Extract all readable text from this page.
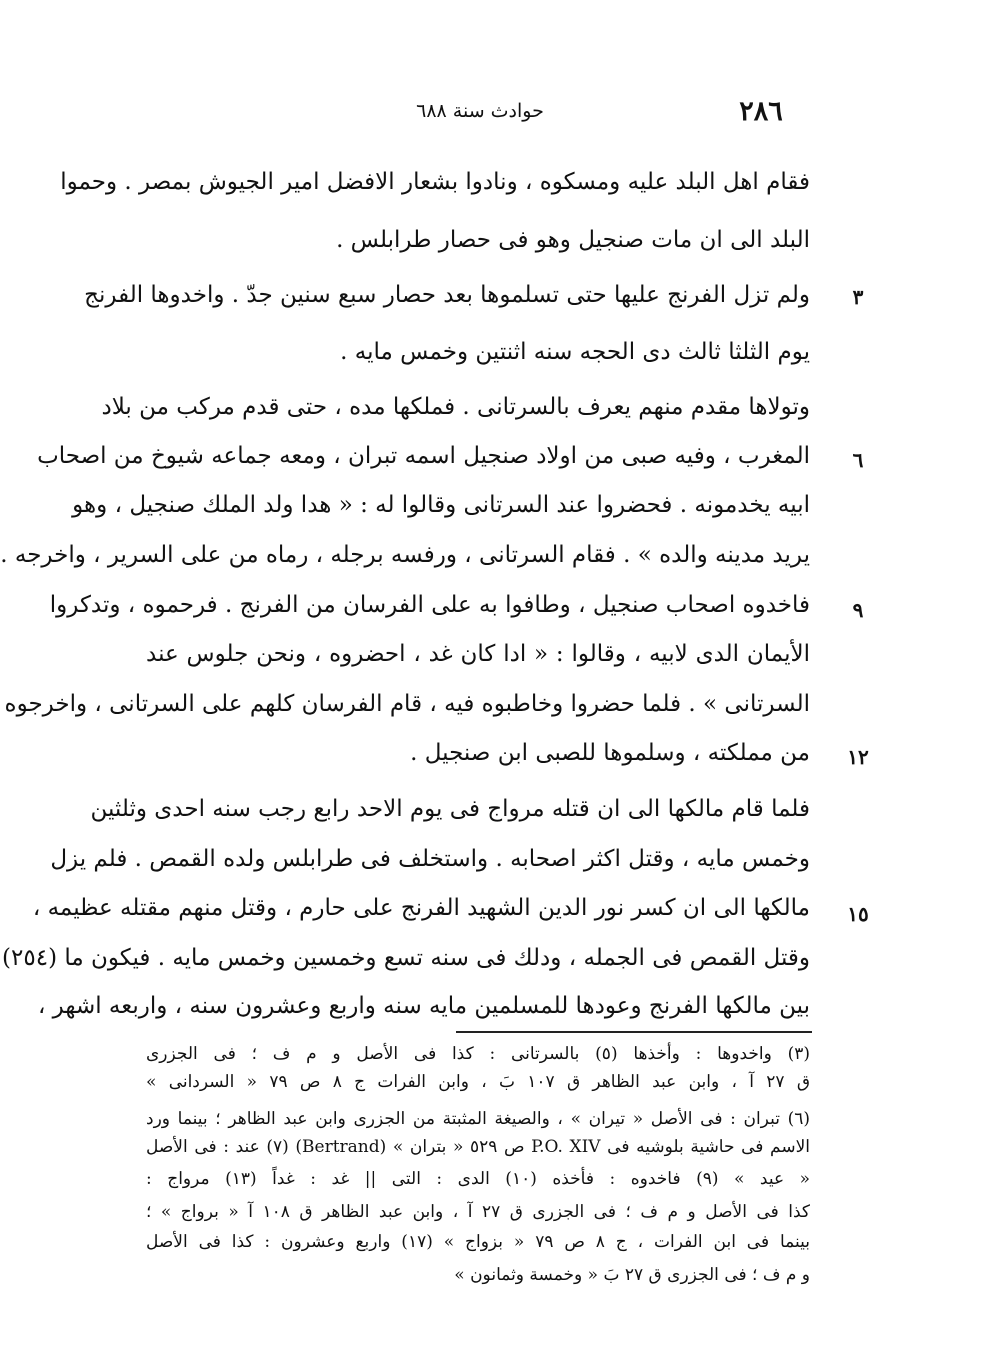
٢٨٦
حوادث سنة ٦٨٨
فقام اهل البلد عليه ومسكوه ، ونادوا بشعار الافضل امير الجيوش بمصر . وحموا
البلد الى ان مات صنجيل وهو فى حصار طرابلس .
ولم تزل الفرنج عليها حتى تسلموها بعد حصار سبع سنين جدّ . واخدوها الفرنج
يوم الثلثا ثالث دى الحجه سنه اثنتين وخمس مايه .
وتولاها مقدم منهم يعرف بالسرتانى . فملكها مده ، حتى قدم مركب من بلاد
المغرب ، وفيه صبى من اولاد صنجيل اسمه تبران ، ومعه جماعه شيوخ من اصحاب
ابيه يخدمونه . فحضروا عند السرتانى وقالوا له : « هدا ولد الملك صنجيل ، وهو
يريد مدينه والده » . فقام السرتانى ، ورفسه برجله ، رماه من على السرير ، واخرجه .
فاخدوه اصحاب صنجيل ، وطافوا به على الفرسان من الفرنج . فرحموه ، وتدكروا
الأيمان الدى لابيه ، وقالوا : « ادا كان غد ، احضروه ، ونحن جلوس عند
السرتانى » . فلما حضروا وخاطبوه فيه ، قام الفرسان كلهم على السرتانى ، واخرجوه
من مملكته ، وسلموها للصبى ابن صنجيل .
فلما قام مالكها الى ان قتله مرواج فى يوم الاحد رابع رجب سنه احدى وثلثين
وخمس مايه ، وقتل اكثر اصحابه . واستخلف فى طرابلس ولده القمص . فلم يزل
مالكها الى ان كسر نور الدين الشهيد الفرنج على حارم ، وقتل منهم مقتله عظيمه ،
وقتل القمص فى الجمله ، ودلك فى سنه تسع وخمسين وخمس مايه . فيكون ما (٢٥٤)
بين مالكها الفرنج وعودها للمسلمين مايه سنه واربع وعشرون سنه ، واربعه اشهر ،
٣
٦
٩
١٢
١٥
(٣) واخدوها : وأخذها (٥) بالسرتانى : كذا فى الأصل و م ف ؛ فى الجزرى
ق ٢٧ آ ، وابن عبد الظاهر ق ١٠٧ بَ ، وابن الفرات ج ٨ ص ٧٩ « السردانى »
(٦) تبران : فى الأصل « تيران » ، والصيغة المثبتة من الجزرى وابن عبد الظاهر ؛ بينما ورد
الاسم فى حاشية بلوشيه فى P.O. XIV ص ٥٢٩ « بتران » (Bertrand) (٧) عند : فى الأصل
« عيد » (٩) فاخدوه : فأخذه (١٠) الدى : التى || غد : غداً (١٣) مرواج :
كذا فى الأصل و م ف ؛ فى الجزرى ق ٢٧ آ ، وابن عبد الظاهر ق ١٠٨ آ « برواج » ؛
بينما فى ابن الفرات ، ج ٨ ص ٧٩ « بزواج » (١٧) واربع وعشرون : كذا فى الأصل
و م ف ؛ فى الجزرى ق ٢٧ بَ « وخمسة وثمانون »
